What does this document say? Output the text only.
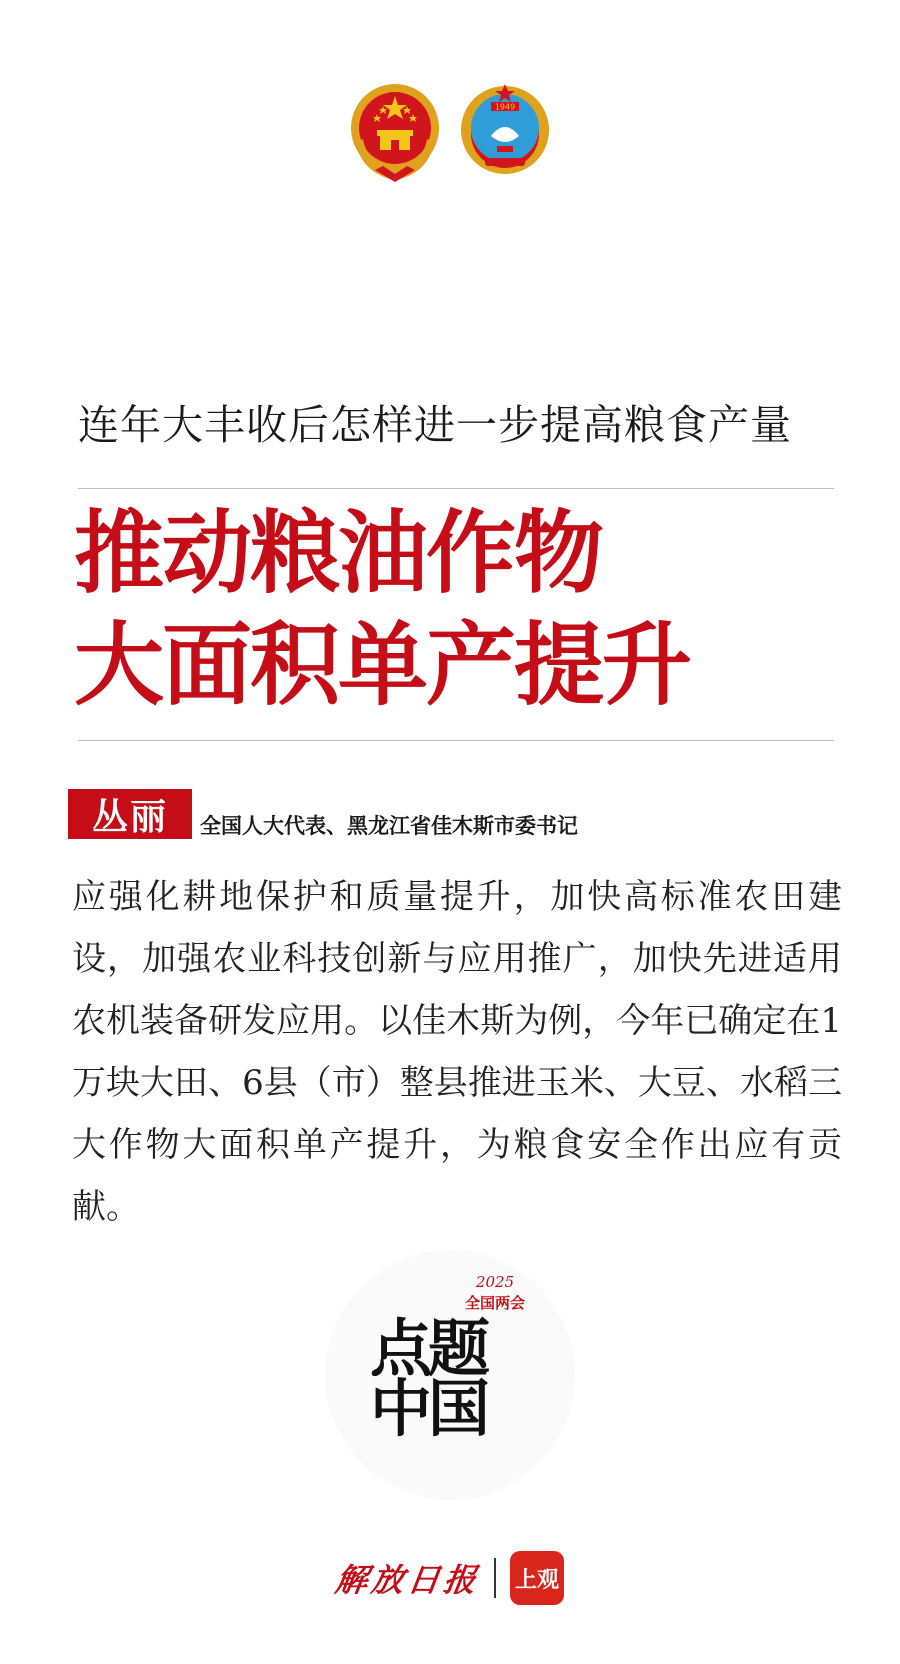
1949
连年大丰收后怎样进一步提高粮食产量
推动粮油作物
大面积单产提升
丛丽	全国人大代表、黑龙江省佳木斯市委书记
应强化耕地保护和质量提升，加快高标准农田建设，加强农业科技创新与应用推广，加快先进适用农机装备研发应用。以佳木斯为例，今年已确定在1万块大田、6县（市）整县推进玉米、大豆、水稻三大作物大面积单产提升，为粮食安全作出应有贡献。
2025
全国两会
点
题
中
国
解放日报 上观
